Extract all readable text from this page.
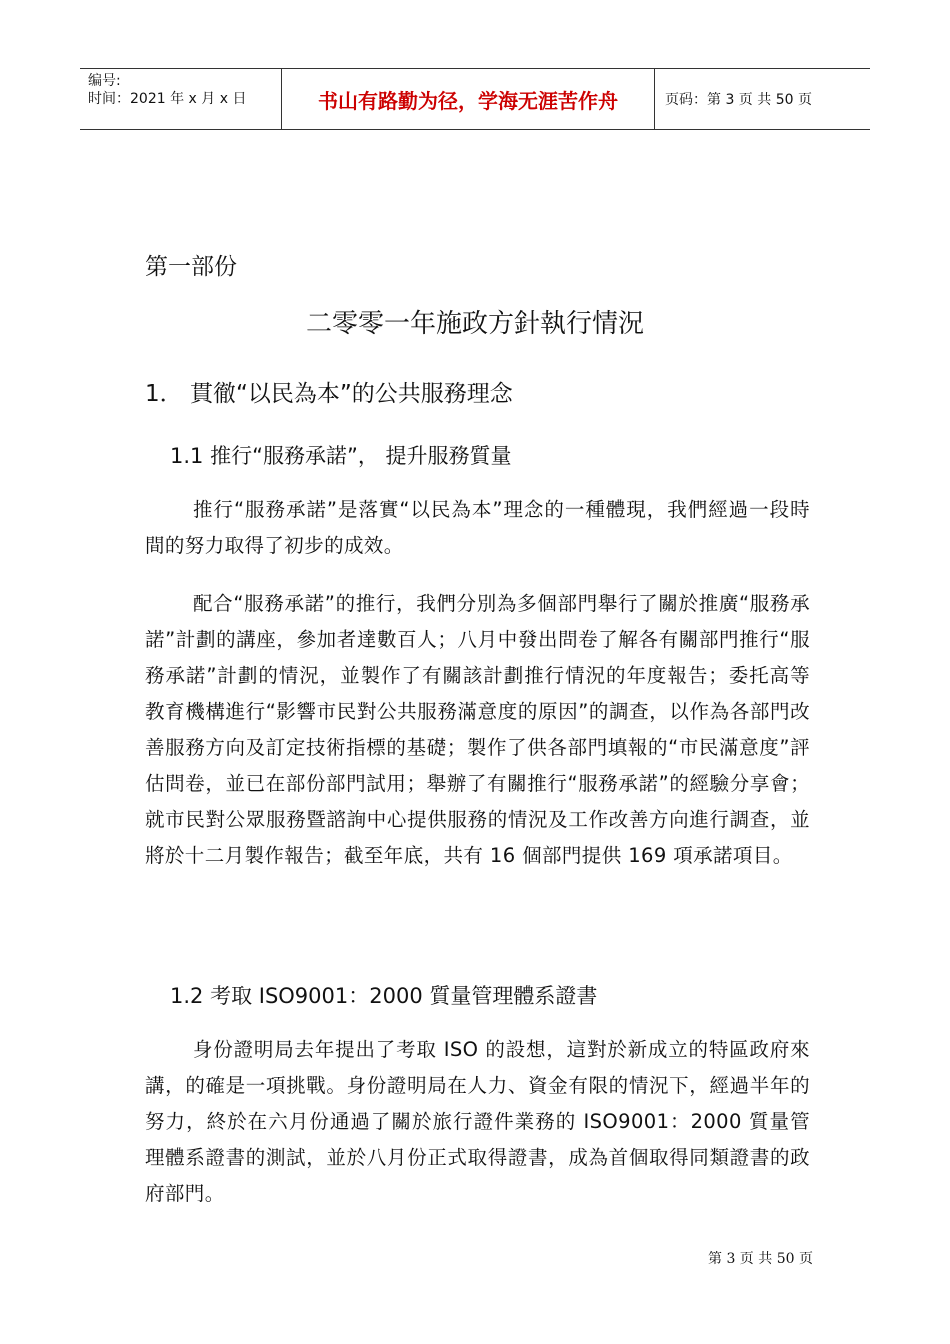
编号:
时间：2021 年 x 月 x 日	书山有路勤为径，学海无涯苦作舟	页码：第 3 页 共 50 页
第一部份
二零零一年施政方針執行情況
1． 貫徹“以民為本”的公共服務理念
1.1 推行“服務承諾”， 提升服務質量
推行“服務承諾”是落實“以民為本”理念的一種體現，我們經過一段時間的努力取得了初步的成效。
配合“服務承諾”的推行，我們分別為多個部門舉行了關於推廣“服務承諾”計劃的講座，參加者達數百人；八月中發出問卷了解各有關部門推行“服務承諾”計劃的情況，並製作了有關該計劃推行情況的年度報告；委托高等教育機構進行“影響市民對公共服務滿意度的原因”的調查，以作為各部門改善服務方向及訂定技術指標的基礎；製作了供各部門填報的“市民滿意度”評估問卷，並已在部份部門試用；舉辦了有關推行“服務承諾”的經驗分享會；就市民對公眾服務暨諮詢中心提供服務的情況及工作改善方向進行調查，並將於十二月製作報告；截至年底，共有 16 個部門提供 169 項承諾項目。
1.2 考取 ISO9001：2000 質量管理體系證書
身份證明局去年提出了考取 ISO 的設想，這對於新成立的特區政府來講，的確是一項挑戰。身份證明局在人力、資金有限的情況下，經過半年的努力，終於在六月份通過了關於旅行證件業務的 ISO9001：2000 質量管理體系證書的測試，並於八月份正式取得證書，成為首個取得同類證書的政府部門。
第 3 页 共 50 页
